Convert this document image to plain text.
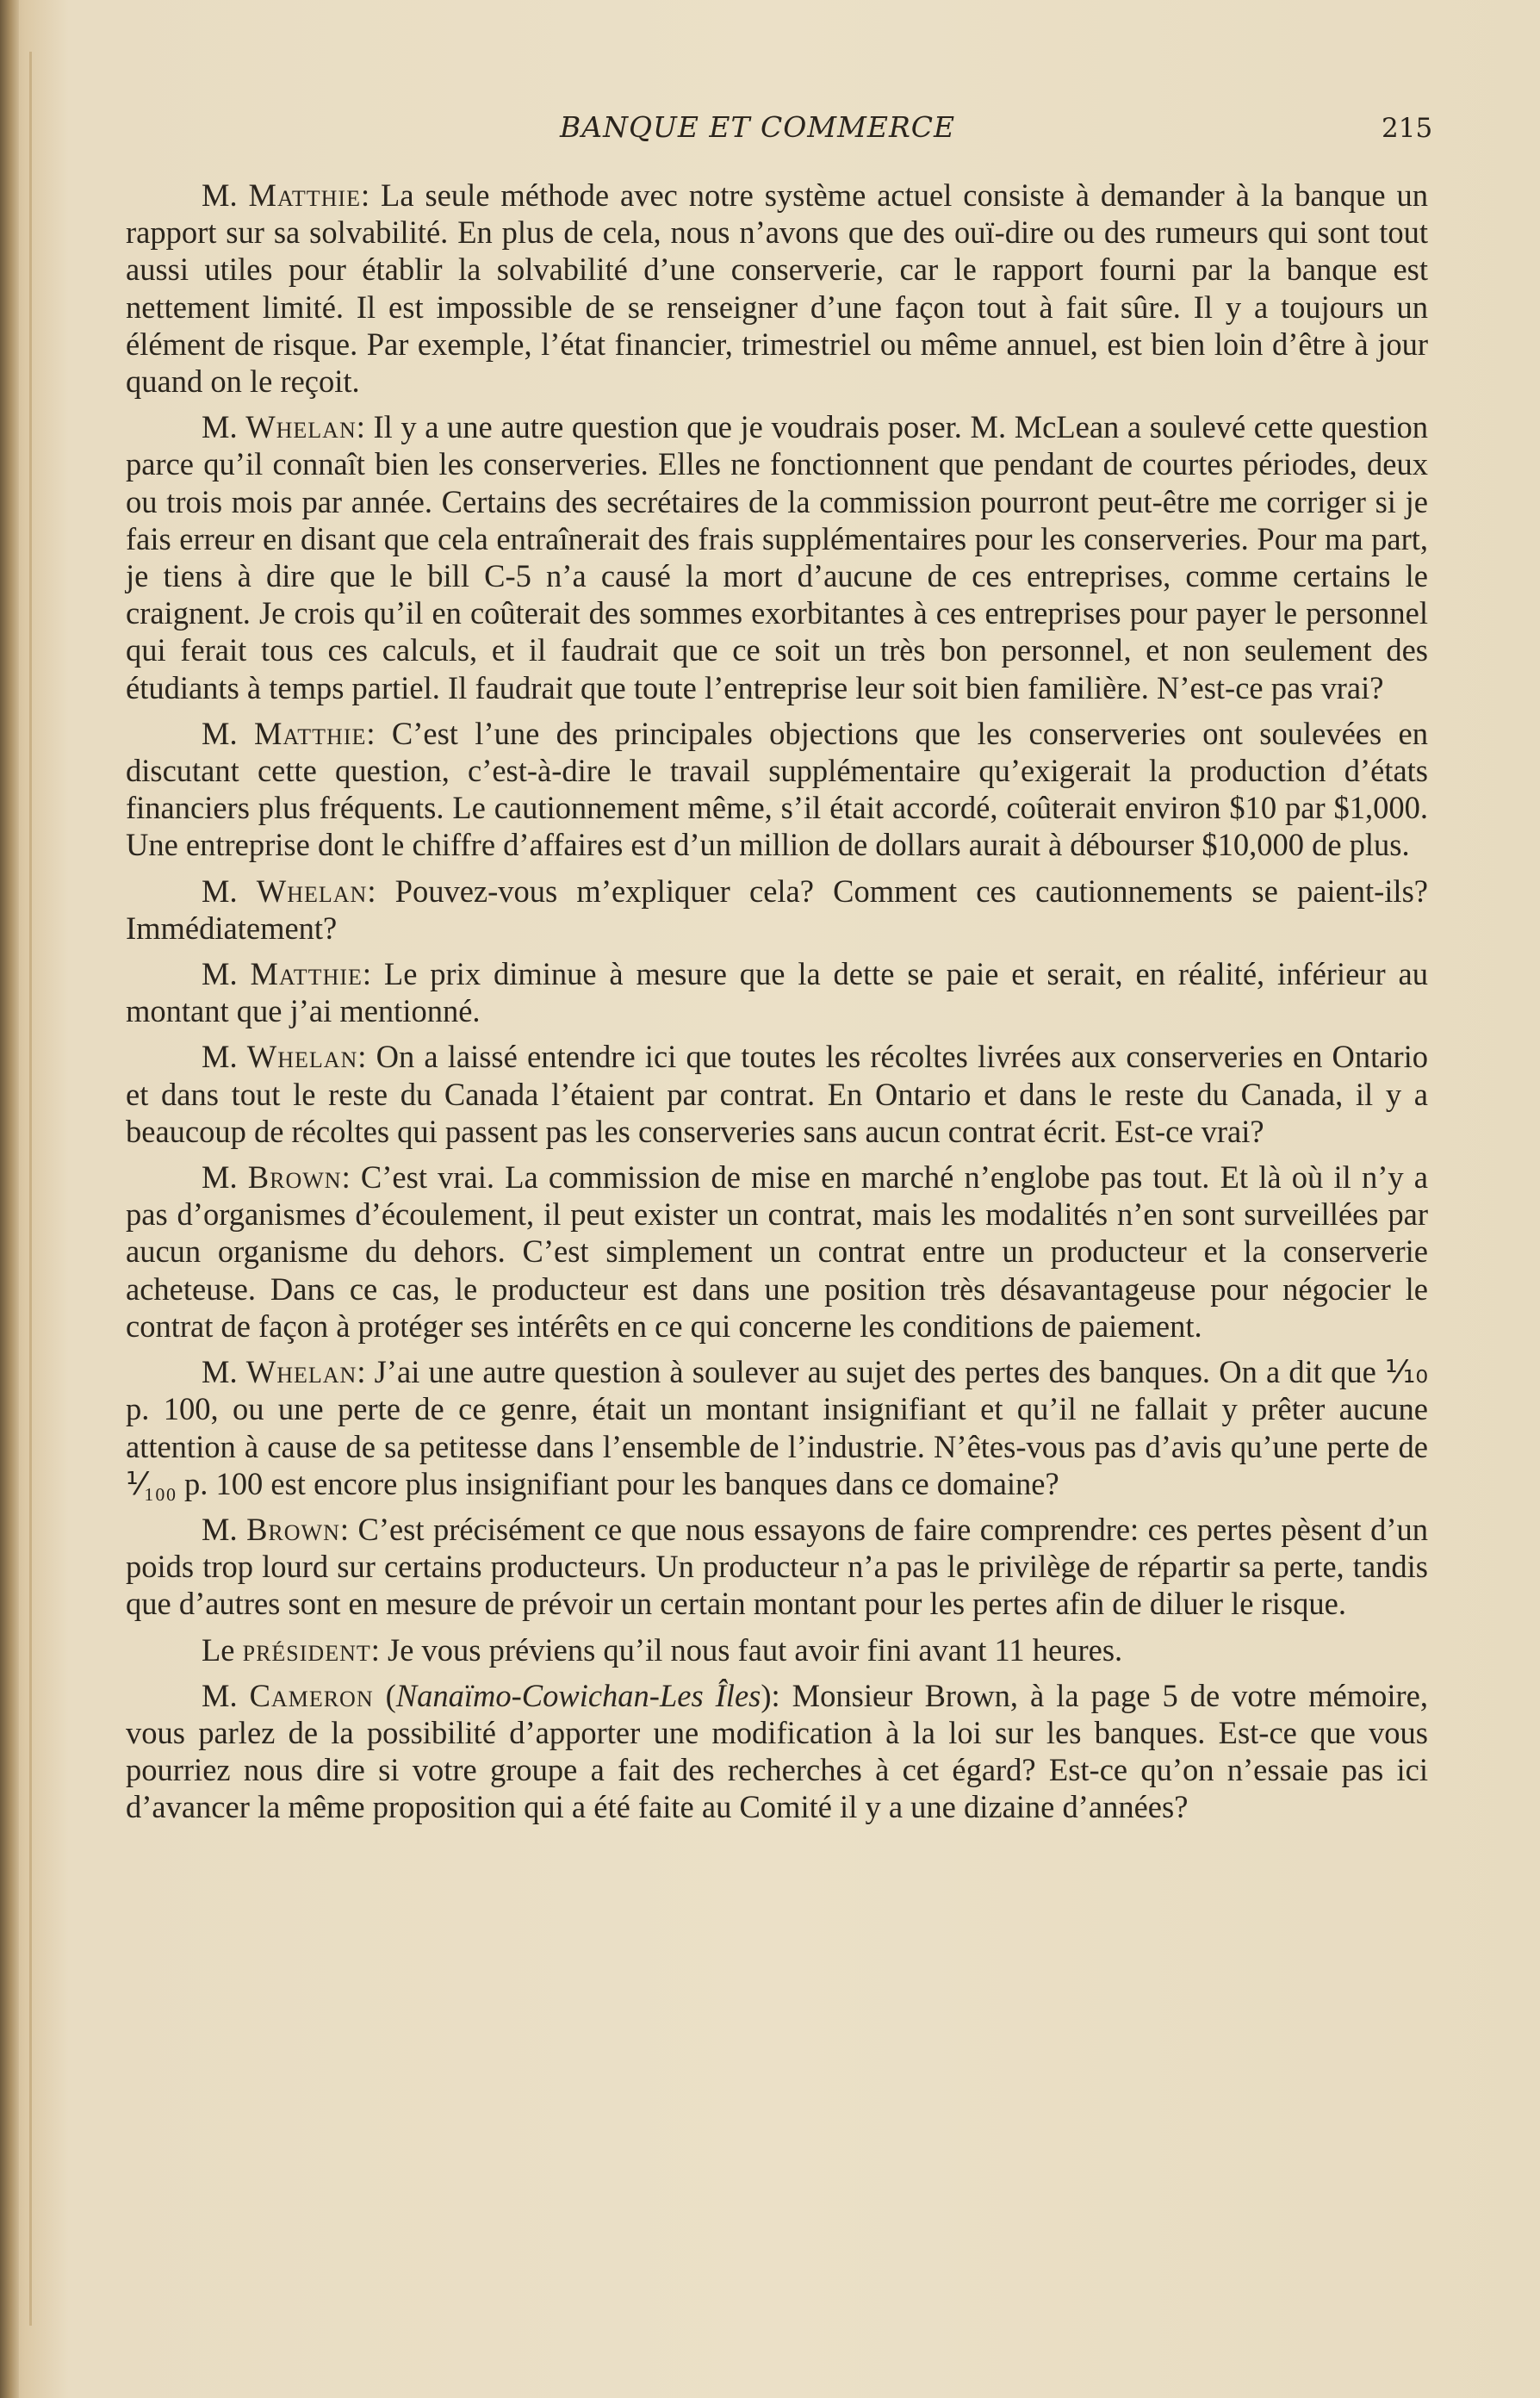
BANQUE ET COMMERCE	215

M. Matthie: La seule méthode avec notre système actuel consiste à demander à la banque un rapport sur sa solvabilité. En plus de cela, nous n’avons que des ouï-dire ou des rumeurs qui sont tout aussi utiles pour établir la solvabilité d’une conserverie, car le rapport fourni par la banque est nettement limité. Il est impossible de se renseigner d’une façon tout à fait sûre. Il y a toujours un élément de risque. Par exemple, l’état financier, trimestriel ou même annuel, est bien loin d’être à jour quand on le reçoit.

M. Whelan: Il y a une autre question que je voudrais poser. M. McLean a soulevé cette question parce qu’il connaît bien les conserveries. Elles ne fonctionnent que pendant de courtes périodes, deux ou trois mois par année. Certains des secrétaires de la commission pourront peut-être me corriger si je fais erreur en disant que cela entraînerait des frais supplémentaires pour les conserveries. Pour ma part, je tiens à dire que le bill C-5 n’a causé la mort d’aucune de ces entreprises, comme certains le craignent. Je crois qu’il en coûterait des sommes exorbitantes à ces entreprises pour payer le personnel qui ferait tous ces calculs, et il faudrait que ce soit un très bon personnel, et non seulement des étudiants à temps partiel. Il faudrait que toute l’entreprise leur soit bien familière. N’est-ce pas vrai?

M. Matthie: C’est l’une des principales objections que les conserveries ont soulevées en discutant cette question, c’est-à-dire le travail supplémentaire qu’exigerait la production d’états financiers plus fréquents. Le cautionnement même, s’il était accordé, coûterait environ $10 par $1,000. Une entreprise dont le chiffre d’affaires est d’un million de dollars aurait à débourser $10,000 de plus.

M. Whelan: Pouvez-vous m’expliquer cela? Comment ces cautionnements se paient-ils? Immédiatement?

M. Matthie: Le prix diminue à mesure que la dette se paie et serait, en réalité, inférieur au montant que j’ai mentionné.

M. Whelan: On a laissé entendre ici que toutes les récoltes livrées aux conserveries en Ontario et dans tout le reste du Canada l’étaient par contrat. En Ontario et dans le reste du Canada, il y a beaucoup de récoltes qui passent pas les conserveries sans aucun contrat écrit. Est-ce vrai?

M. Brown: C’est vrai. La commission de mise en marché n’englobe pas tout. Et là où il n’y a pas d’organismes d’écoulement, il peut exister un contrat, mais les modalités n’en sont surveillées par aucun organisme du dehors. C’est simplement un contrat entre un producteur et la conserverie acheteuse. Dans ce cas, le producteur est dans une position très désavantageuse pour négocier le contrat de façon à protéger ses intérêts en ce qui concerne les conditions de paiement.

M. Whelan: J’ai une autre question à soulever au sujet des pertes des banques. On a dit que ⅒ p. 100, ou une perte de ce genre, était un montant insignifiant et qu’il ne fallait y prêter aucune attention à cause de sa petitesse dans l’ensemble de l’industrie. N’êtes-vous pas d’avis qu’une perte de ⅟₁₀₀ p. 100 est encore plus insignifiant pour les banques dans ce domaine?

M. Brown: C’est précisément ce que nous essayons de faire comprendre: ces pertes pèsent d’un poids trop lourd sur certains producteurs. Un producteur n’a pas le privilège de répartir sa perte, tandis que d’autres sont en mesure de prévoir un certain montant pour les pertes afin de diluer le risque.

Le président: Je vous préviens qu’il nous faut avoir fini avant 11 heures.

M. Cameron (Nanaïmo-Cowichan-Les Îles): Monsieur Brown, à la page 5 de votre mémoire, vous parlez de la possibilité d’apporter une modification à la loi sur les banques. Est-ce que vous pourriez nous dire si votre groupe a fait des recherches à cet égard? Est-ce qu’on n’essaie pas ici d’avancer la même proposition qui a été faite au Comité il y a une dizaine d’années?
